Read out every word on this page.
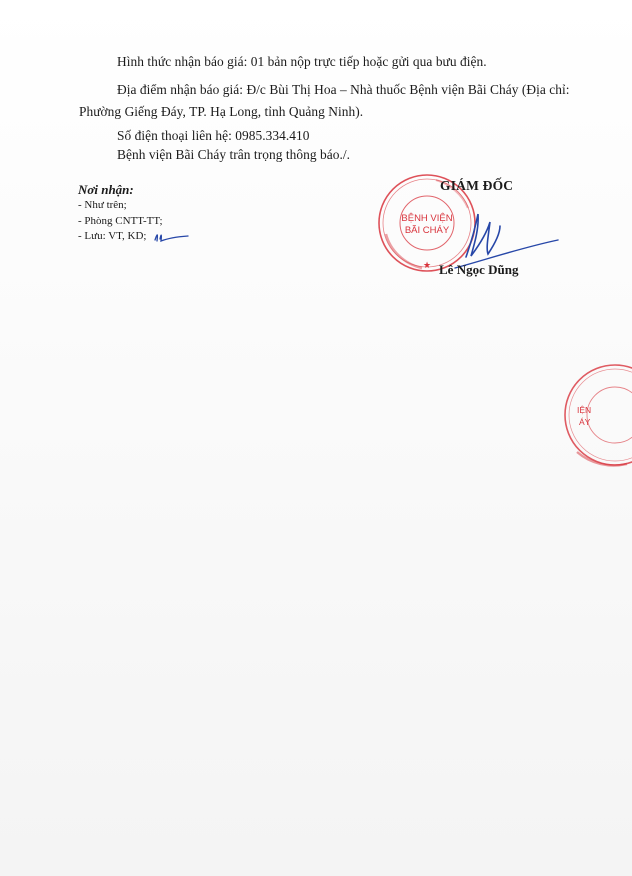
Hình thức nhận báo giá: 01 bản nộp trực tiếp hoặc gửi qua bưu điện.
Địa điểm nhận báo giá: Đ/c Bùi Thị Hoa – Nhà thuốc Bệnh viện Bãi Cháy (Địa chỉ:
Phường Giếng Đáy, TP. Hạ Long, tỉnh Quảng Ninh).
Số điện thoại liên hệ: 0985.334.410
Bệnh viện Bãi Cháy trân trọng thông báo./.
Nơi nhận:
- Như trên;
- Phòng CNTT-TT;
- Lưu: VT, KD;
BỆNH VIỆN
BÃI CHÁY
★
GIÁM ĐỐC
Lê Ngọc Dũng
IỆN
ÁY
